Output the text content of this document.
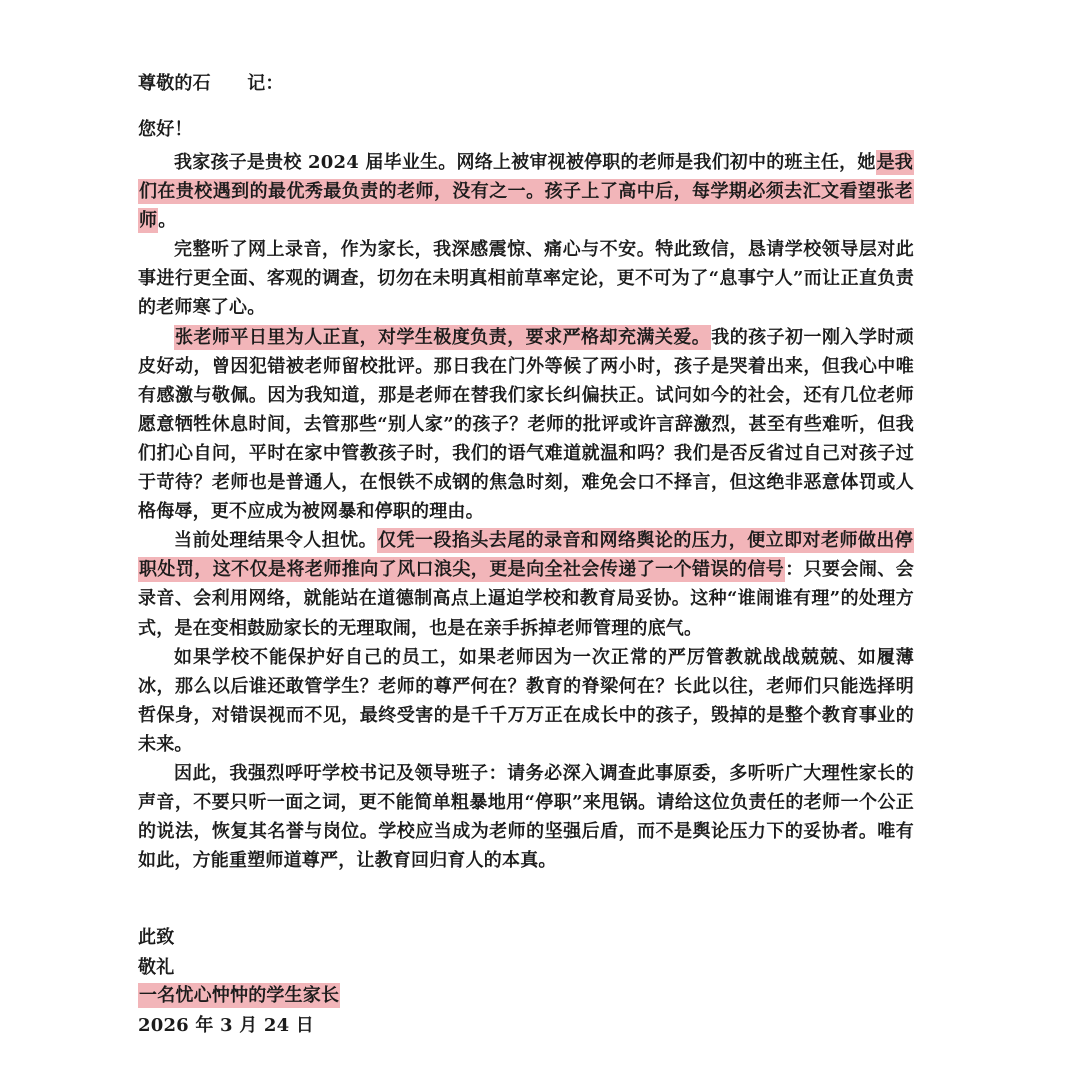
尊敬的石　　记：
您好！

我家孩子是贵校 2024 届毕业生。网络上被审视被停职的老师是我们初中的班主任，她是我们在贵校遇到的最优秀最负责的老师，没有之一。孩子上了高中后，每学期必须去汇文看望张老师。

完整听了网上录音，作为家长，我深感震惊、痛心与不安。特此致信，恳请学校领导层对此事进行更全面、客观的调查，切勿在未明真相前草率定论，更不可为了“息事宁人”而让正直负责的老师寒了心。

张老师平日里为人正直，对学生极度负责，要求严格却充满关爱。我的孩子初一刚入学时顽皮好动，曾因犯错被老师留校批评。那日我在门外等候了两小时，孩子是哭着出来，但我心中唯有感激与敬佩。因为我知道，那是老师在替我们家长纠偏扶正。试问如今的社会，还有几位老师愿意牺牲休息时间，去管那些“别人家”的孩子？老师的批评或许言辞激烈，甚至有些难听，但我们扪心自问，平时在家中管教孩子时，我们的语气难道就温和吗？我们是否反省过自己对孩子过于苛待？老师也是普通人，在恨铁不成钢的焦急时刻，难免会口不择言，但这绝非恶意体罚或人格侮辱，更不应成为被网暴和停职的理由。

当前处理结果令人担忧。仅凭一段掐头去尾的录音和网络舆论的压力，便立即对老师做出停职处罚，这不仅是将老师推向了风口浪尖，更是向全社会传递了一个错误的信号：只要会闹、会录音、会利用网络，就能站在道德制高点上逼迫学校和教育局妥协。这种“谁闹谁有理”的处理方式，是在变相鼓励家长的无理取闹，也是在亲手拆掉老师管理的底气。

如果学校不能保护好自己的员工，如果老师因为一次正常的严厉管教就战战兢兢、如履薄冰，那么以后谁还敢管学生？老师的尊严何在？教育的脊梁何在？长此以往，老师们只能选择明哲保身，对错误视而不见，最终受害的是千千万万正在成长中的孩子，毁掉的是整个教育事业的未来。

因此，我强烈呼吁学校书记及领导班子：请务必深入调查此事原委，多听听广大理性家长的声音，不要只听一面之词，更不能简单粗暴地用“停职”来甩锅。请给这位负责任的老师一个公正的说法，恢复其名誉与岗位。学校应当成为老师的坚强后盾，而不是舆论压力下的妥协者。唯有如此，方能重塑师道尊严，让教育回归育人的本真。

此致
敬礼
一名忧心忡忡的学生家长
2026 年 3 月 24 日
